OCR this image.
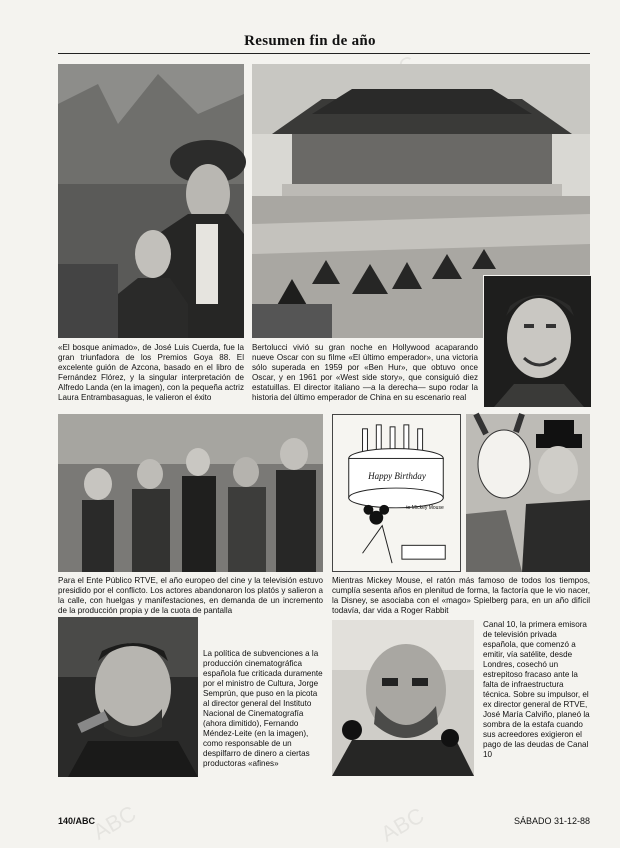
ABC	ABC
Resumen fin de año
«El bosque animado», de José Luis Cuerda, fue la gran triunfadora de los Premios Goya 88. El excelente guión de Azcona, basado en el libro de Fernández Flórez, y la singular interpretación de Alfredo Landa (en la imagen), con la pequeña actriz Laura Entrambasaguas, le valieron el éxito
Bertolucci vivió su gran noche en Hollywood acaparando nueve Oscar con su filme «El último emperador», una victoria sólo superada en 1959 por «Ben Hur», que obtuvo once Oscar, y en 1961 por «West side story», que consiguió diez estatuillas. El director italiano —a la derecha— supo rodar la historia del último emperador de China en su escenario real
Para el Ente Público RTVE, el año europeo del cine y la televisión estuvo presidido por el conflicto. Los actores abandonaron los platós y salieron a la calle, con huelgas y manifestaciones, en demanda de un incremento de la producción propia y de la cuota de pantalla
Happy Birthday
to Mickey Mouse
Mientras Mickey Mouse, el ratón más famoso de todos los tiempos, cumplía sesenta años en plenitud de forma, la factoría que le vio nacer, la Disney, se asociaba con el «mago» Spielberg para, en un año difícil todavía, dar vida a Roger Rabbit
La política de subvenciones a la producción cinematográfica española fue criticada duramente por el ministro de Cultura, Jorge Semprún, que puso en la picota al director general del Instituto Nacional de Cinematografía (ahora dimitido), Fernando Méndez-Leite (en la imagen), como responsable de un despilfarro de dinero a ciertas productoras «afines»
Canal 10, la primera emisora de televisión privada española, que comenzó a emitir, vía satélite, desde Londres, cosechó un estrepitoso fracaso ante la falta de infraestructura técnica. Sobre su impulsor, el ex director general de RTVE, José María Calviño, planeó la sombra de la estafa cuando sus acreedores exigieron el pago de las deudas de Canal 10
140/ABC	SÁBADO 31-12-88
